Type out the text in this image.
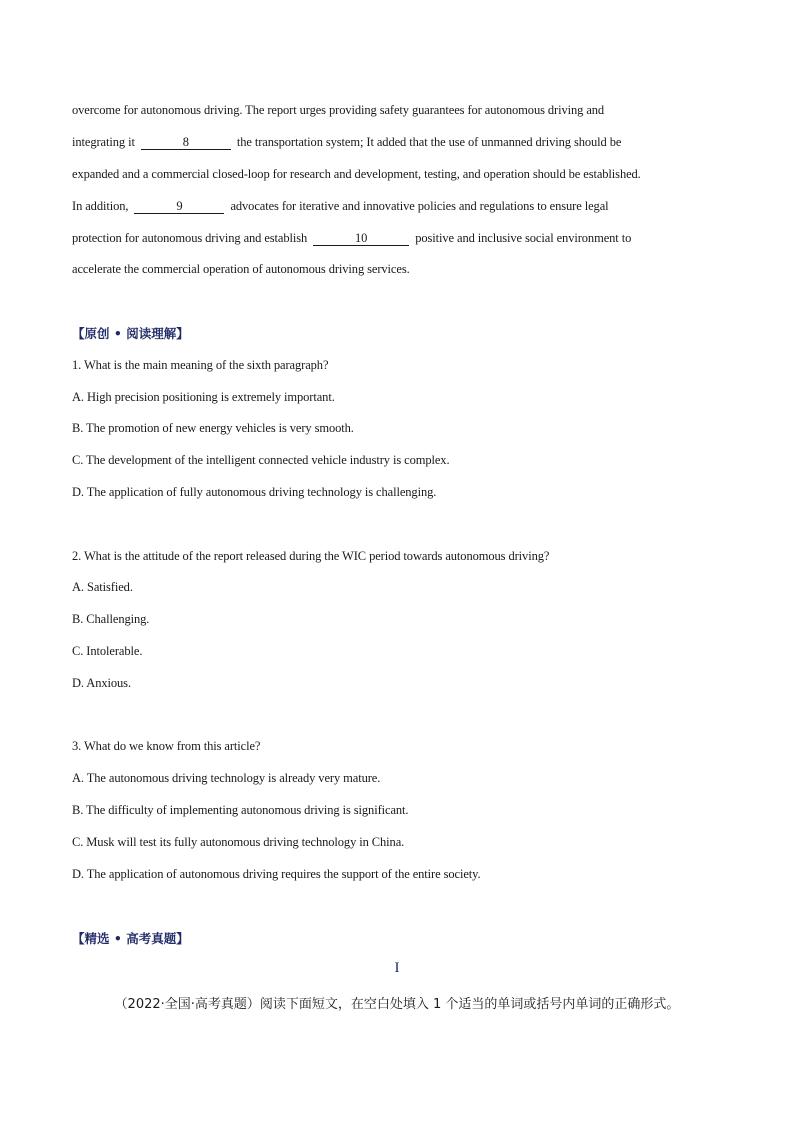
overcome for autonomous driving. The report urges providing safety guarantees for autonomous driving and
integrating it	8	the transportation system; It added that the use of unmanned driving should be
expanded and a commercial closed-loop for research and development, testing, and operation should be established.
In addition,	9	advocates for iterative and innovative policies and regulations to ensure legal
protection for autonomous driving and establish	10	positive and inclusive social environment to
accelerate the commercial operation of autonomous driving services.
【原创 • 阅读理解】
1. What is the main meaning of the sixth paragraph?
A. High precision positioning is extremely important.
B. The promotion of new energy vehicles is very smooth.
C. The development of the intelligent connected vehicle industry is complex.
D. The application of fully autonomous driving technology is challenging.
2. What is the attitude of the report released during the WIC period towards autonomous driving?
A. Satisfied.
B. Challenging.
C. Intolerable.
D. Anxious.
3. What do we know from this article?
A. The autonomous driving technology is already very mature.
B. The difficulty of implementing autonomous driving is significant.
C. Musk will test its fully autonomous driving technology in China.
D. The application of autonomous driving requires the support of the entire society.
【精选 • 高考真题】
I
（2022·全国·高考真题）阅读下面短文，在空白处填入 1 个适当的单词或括号内单词的正确形式。
